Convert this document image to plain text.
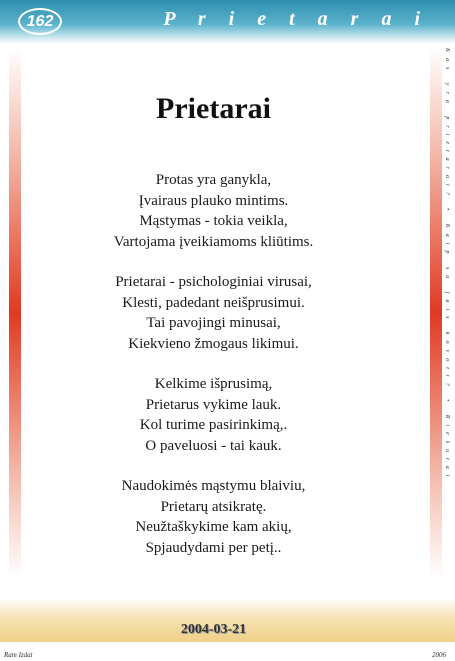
162	P r i e t a r a i
Kas yra prietarai? • Kaip su jais kovoti? • Riešutai
Prietarai
Protas yra ganykla,
Įvairaus plauko mintims.
Mąstymas - tokia veikla,
Vartojama įveikiamoms kliūtims.
Prietarai - psichologiniai virusai,
Klesti, padedant neišprusimui.
Tai pavojingi minusai,
Kiekvieno žmogaus likimui.
Kelkime išprusimą,
Prietarus vykime lauk.
Kol turime pasirinkimą,.
O paveluosi - tai kauk.
Naudokimės mąstymu blaiviu,
Prietarų atsikratę.
Neužtaškykime kam akių,
Spjaudydami per petį..
2004-03-21
Ram Izdat	2006
